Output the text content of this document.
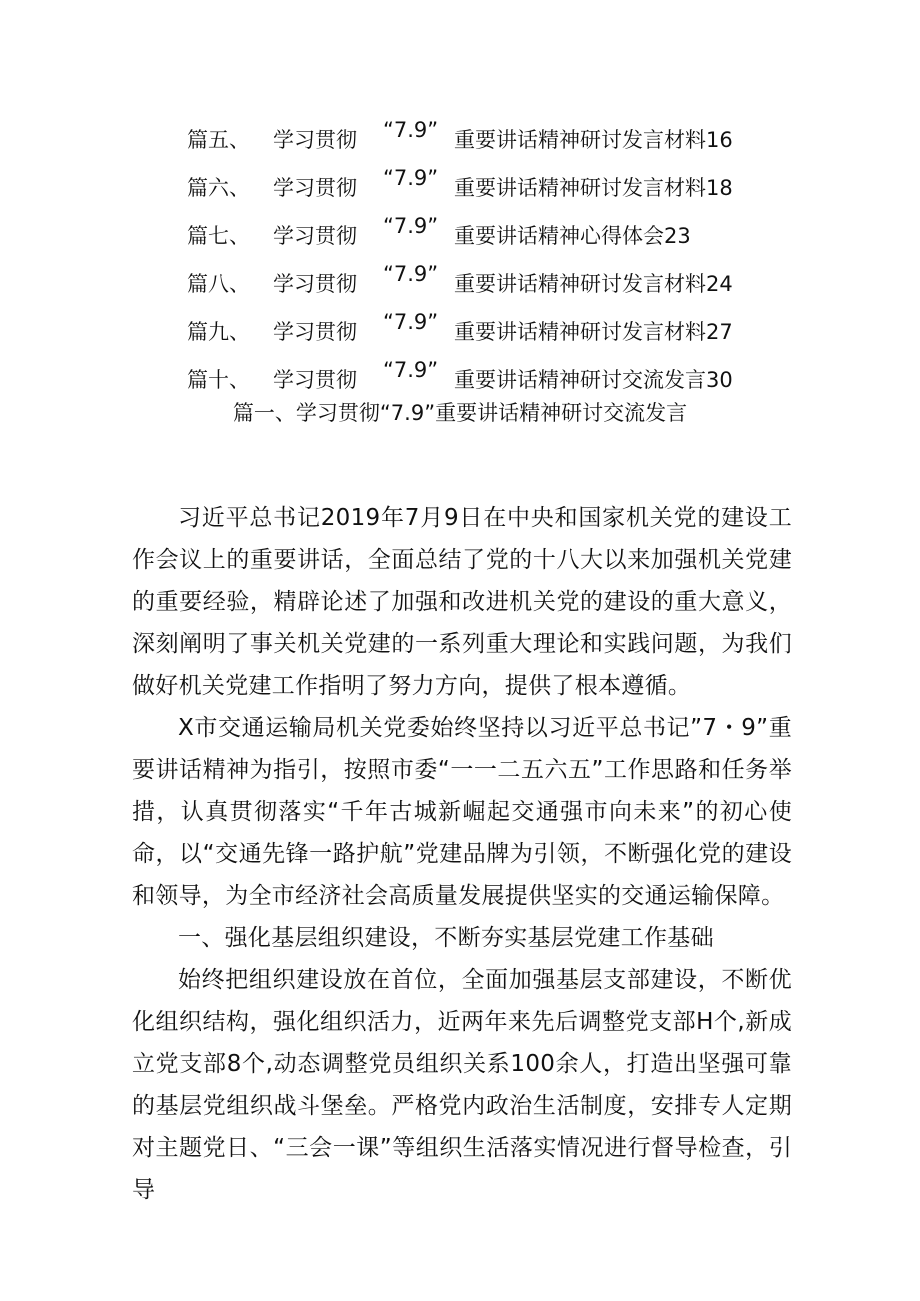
篇五、 学习贯彻 “7.9” 重要讲话精神研讨发言材料16
篇六、 学习贯彻 “7.9” 重要讲话精神研讨发言材料18
篇七、 学习贯彻 “7.9” 重要讲话精神心得体会23
篇八、 学习贯彻 “7.9” 重要讲话精神研讨发言材料24
篇九、 学习贯彻 “7.9” 重要讲话精神研讨发言材料27
篇十、 学习贯彻 “7.9” 重要讲话精神研讨交流发言30
篇一、学习贯彻“7.9”重要讲话精神研讨交流发言

习近平总书记2019年7月9日在中央和国家机关党的建设工作会议上的重要讲话，全面总结了党的十八大以来加强机关党建的重要经验，精辟论述了加强和改进机关党的建设的重大意义，深刻阐明了事关机关党建的一系列重大理论和实践问题，为我们做好机关党建工作指明了努力方向，提供了根本遵循。

X市交通运输局机关党委始终坚持以习近平总书记”7・9”重要讲话精神为指引，按照市委“一一二五六五”工作思路和任务举措，认真贯彻落实“千年古城新崛起交通强市向未来”的初心使命，以“交通先锋一路护航”党建品牌为引领，不断强化党的建设和领导，为全市经济社会高质量发展提供坚实的交通运输保障。

一、强化基层组织建设，不断夯实基层党建工作基础

始终把组织建设放在首位，全面加强基层支部建设，不断优化组织结构，强化组织活力，近两年来先后调整党支部H个,新成立党支部8个,动态调整党员组织关系100余人，打造出坚强可靠的基层党组织战斗堡垒。严格党内政治生活制度，安排专人定期对主题党日、“三会一课”等组织生活落实情况进行督导检查，引导
